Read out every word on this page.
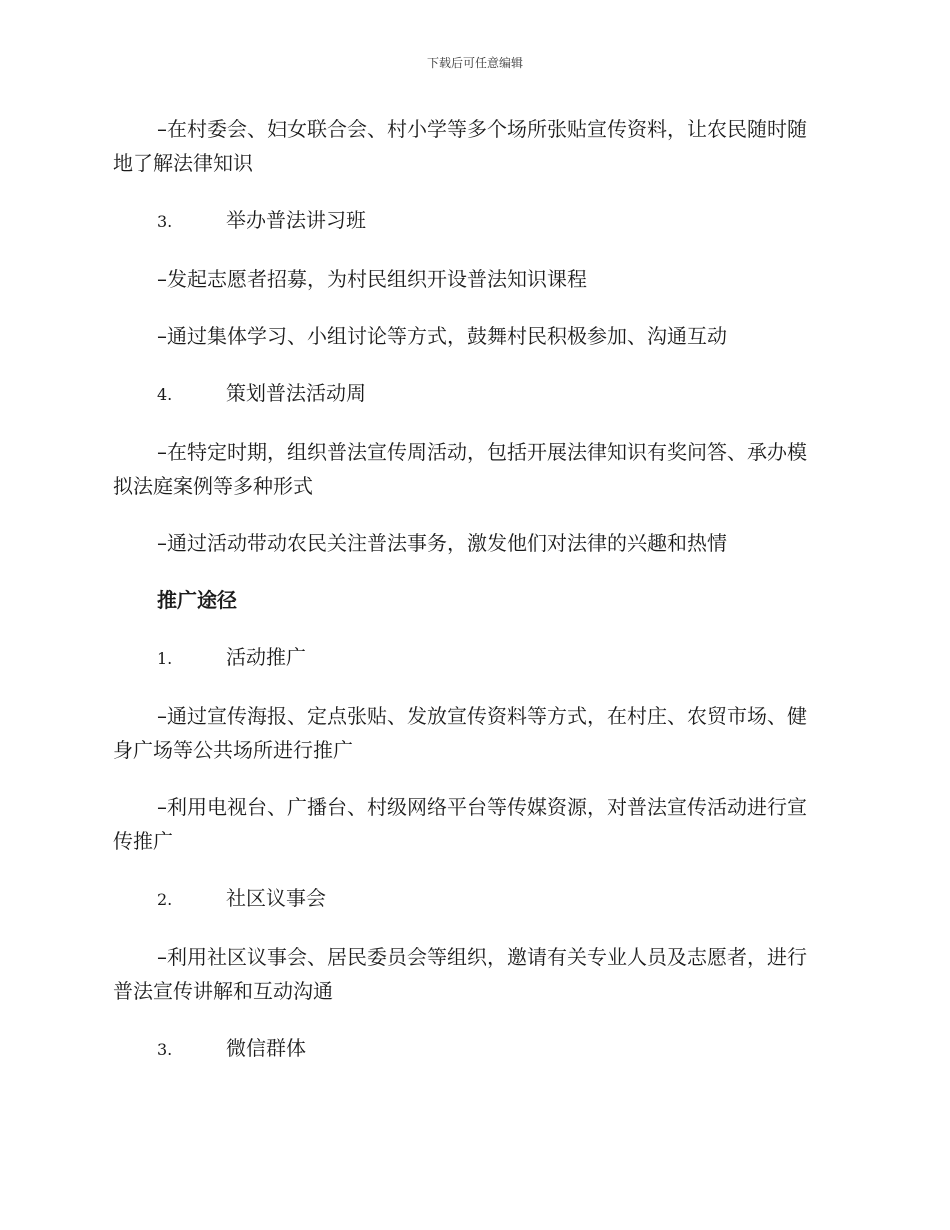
下载后可任意编辑

–在村委会、妇女联合会、村小学等多个场所张贴宣传资料，让农民随时随地了解法律知识

3.	举办普法讲习班

–发起志愿者招募，为村民组织开设普法知识课程

–通过集体学习、小组讨论等方式，鼓舞村民积极参加、沟通互动

4.	策划普法活动周

–在特定时期，组织普法宣传周活动，包括开展法律知识有奖问答、承办模拟法庭案例等多种形式

–通过活动带动农民关注普法事务，激发他们对法律的兴趣和热情

推广途径

1.	活动推广

–通过宣传海报、定点张贴、发放宣传资料等方式，在村庄、农贸市场、健身广场等公共场所进行推广

–利用电视台、广播台、村级网络平台等传媒资源，对普法宣传活动进行宣传推广

2.	社区议事会

–利用社区议事会、居民委员会等组织，邀请有关专业人员及志愿者，进行普法宣传讲解和互动沟通

3.	微信群体
